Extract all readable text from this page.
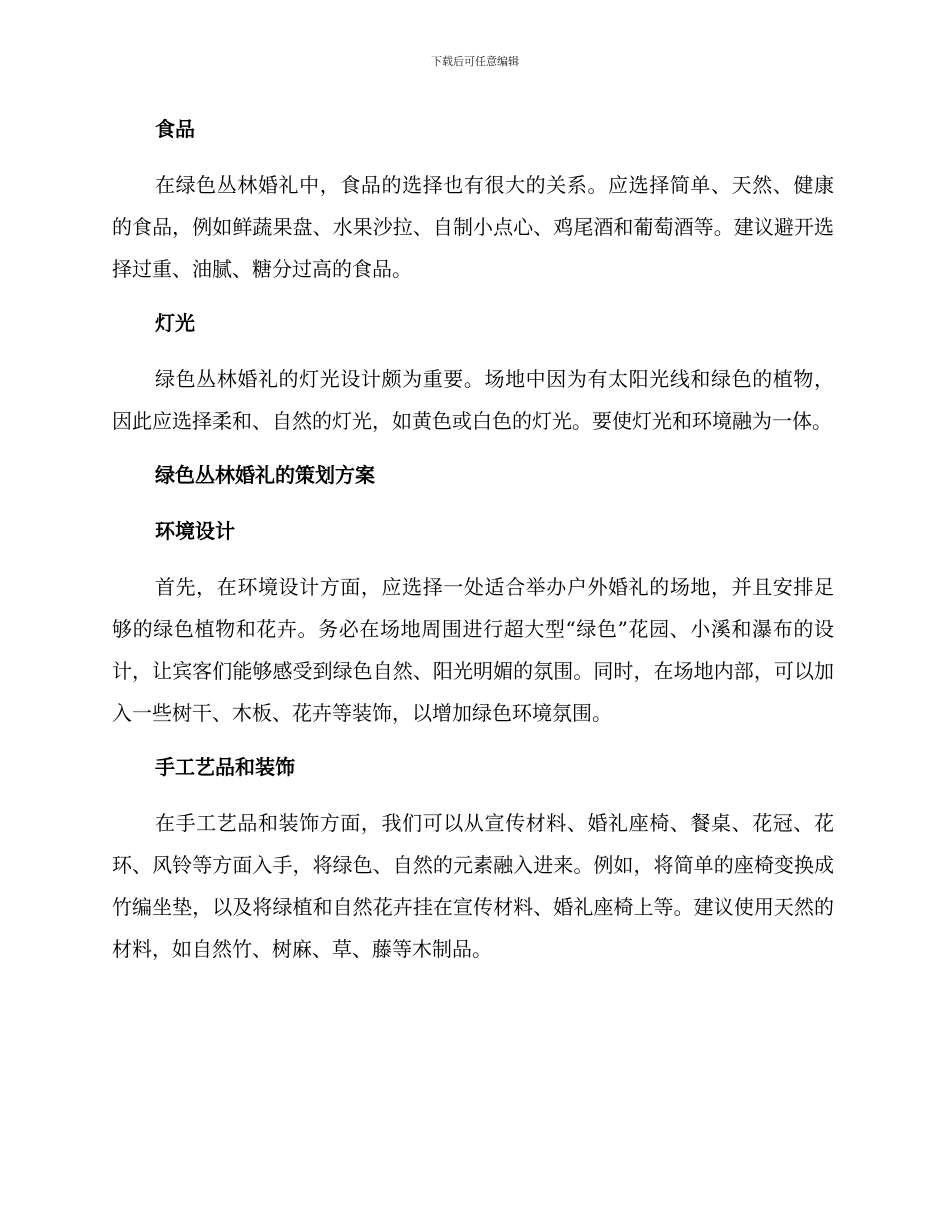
下载后可任意编辑
食品

在绿色丛林婚礼中，食品的选择也有很大的关系。应选择简单、天然、健康的食品，例如鲜蔬果盘、水果沙拉、自制小点心、鸡尾酒和葡萄酒等。建议避开选择过重、油腻、糖分过高的食品。

灯光

绿色丛林婚礼的灯光设计颇为重要。场地中因为有太阳光线和绿色的植物，因此应选择柔和、自然的灯光，如黄色或白色的灯光。要使灯光和环境融为一体。

绿色丛林婚礼的策划方案
环境设计

首先，在环境设计方面，应选择一处适合举办户外婚礼的场地，并且安排足够的绿色植物和花卉。务必在场地周围进行超大型“绿色”花园、小溪和瀑布的设计，让宾客们能够感受到绿色自然、阳光明媚的氛围。同时，在场地内部，可以加入一些树干、木板、花卉等装饰，以增加绿色环境氛围。

手工艺品和装饰

在手工艺品和装饰方面，我们可以从宣传材料、婚礼座椅、餐桌、花冠、花环、风铃等方面入手，将绿色、自然的元素融入进来。例如，将简单的座椅变换成竹编坐垫，以及将绿植和自然花卉挂在宣传材料、婚礼座椅上等。建议使用天然的材料，如自然竹、树麻、草、藤等木制品。
